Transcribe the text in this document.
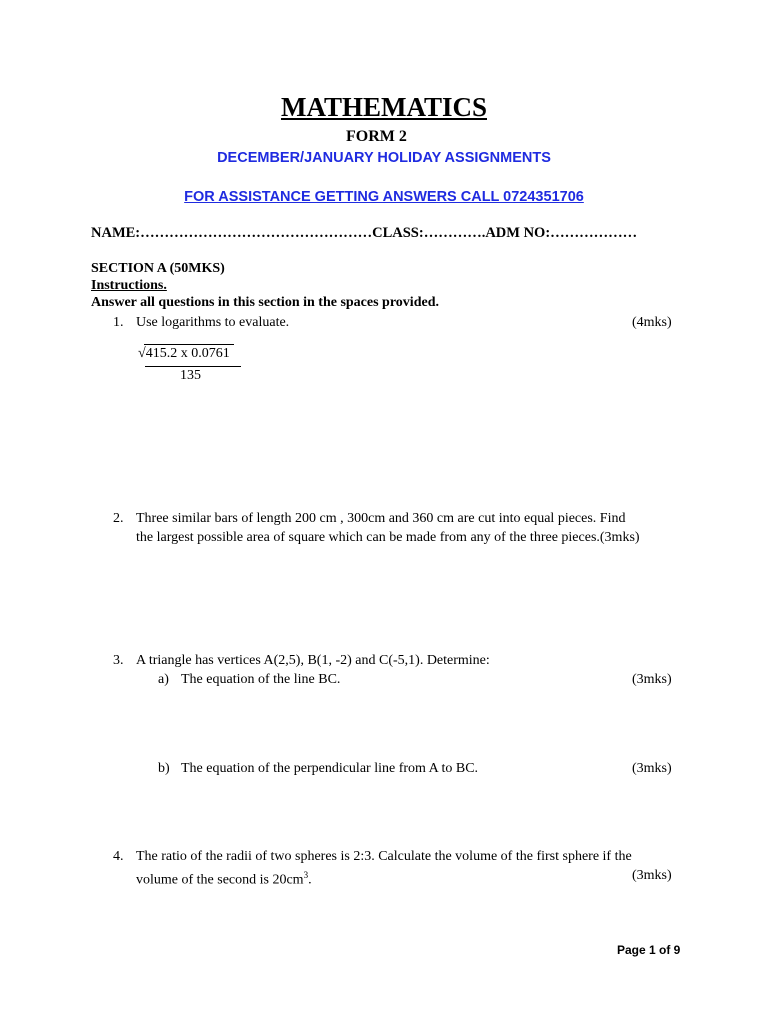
MATHEMATICS
FORM 2
DECEMBER/JANUARY HOLIDAY ASSIGNMENTS
FOR ASSISTANCE GETTING ANSWERS CALL 0724351706
NAME:…………………………………………CLASS:………….ADM NO:………………
SECTION A (50MKS)
Instructions.
Answer all questions in this section in the spaces provided.
1. Use logarithms to evaluate.	(4mks)
√415.2 x 0.0761
135
2. Three similar bars of length 200 cm , 300cm and 360 cm are cut into equal pieces. Find
the largest possible area of square which can be made from any of the three pieces.(3mks)
3. A triangle has vertices A(2,5), B(1, -2) and C(-5,1). Determine:
a) The equation of the line BC.	(3mks)
b) The equation of the perpendicular line from A to BC.	(3mks)
4. The ratio of the radii of two spheres is 2:3. Calculate the volume of the first sphere if the
volume of the second is $20cm^3$.	(3mks)
Page 1 of 9
